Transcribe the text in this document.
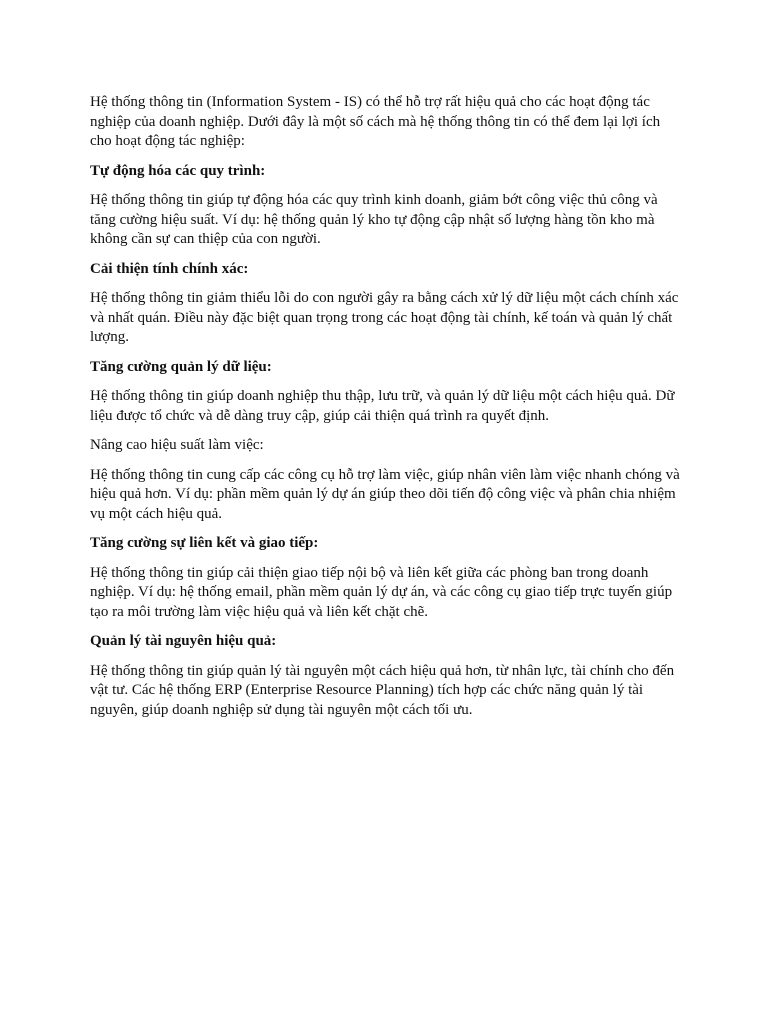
Hệ thống thông tin (Information System - IS) có thể hỗ trợ rất hiệu quả cho các hoạt động tác nghiệp của doanh nghiệp. Dưới đây là một số cách mà hệ thống thông tin có thể đem lại lợi ích cho hoạt động tác nghiệp:

Tự động hóa các quy trình:

Hệ thống thông tin giúp tự động hóa các quy trình kinh doanh, giảm bớt công việc thủ công và tăng cường hiệu suất. Ví dụ: hệ thống quản lý kho tự động cập nhật số lượng hàng tồn kho mà không cần sự can thiệp của con người.

Cải thiện tính chính xác:

Hệ thống thông tin giảm thiểu lỗi do con người gây ra bằng cách xử lý dữ liệu một cách chính xác và nhất quán. Điều này đặc biệt quan trọng trong các hoạt động tài chính, kế toán và quản lý chất lượng.

Tăng cường quản lý dữ liệu:

Hệ thống thông tin giúp doanh nghiệp thu thập, lưu trữ, và quản lý dữ liệu một cách hiệu quả. Dữ liệu được tổ chức và dễ dàng truy cập, giúp cải thiện quá trình ra quyết định.

Nâng cao hiệu suất làm việc:

Hệ thống thông tin cung cấp các công cụ hỗ trợ làm việc, giúp nhân viên làm việc nhanh chóng và hiệu quả hơn. Ví dụ: phần mềm quản lý dự án giúp theo dõi tiến độ công việc và phân chia nhiệm vụ một cách hiệu quả.

Tăng cường sự liên kết và giao tiếp:

Hệ thống thông tin giúp cải thiện giao tiếp nội bộ và liên kết giữa các phòng ban trong doanh nghiệp. Ví dụ: hệ thống email, phần mềm quản lý dự án, và các công cụ giao tiếp trực tuyến giúp tạo ra môi trường làm việc hiệu quả và liên kết chặt chẽ.

Quản lý tài nguyên hiệu quả:

Hệ thống thông tin giúp quản lý tài nguyên một cách hiệu quả hơn, từ nhân lực, tài chính cho đến vật tư. Các hệ thống ERP (Enterprise Resource Planning) tích hợp các chức năng quản lý tài nguyên, giúp doanh nghiệp sử dụng tài nguyên một cách tối ưu.
